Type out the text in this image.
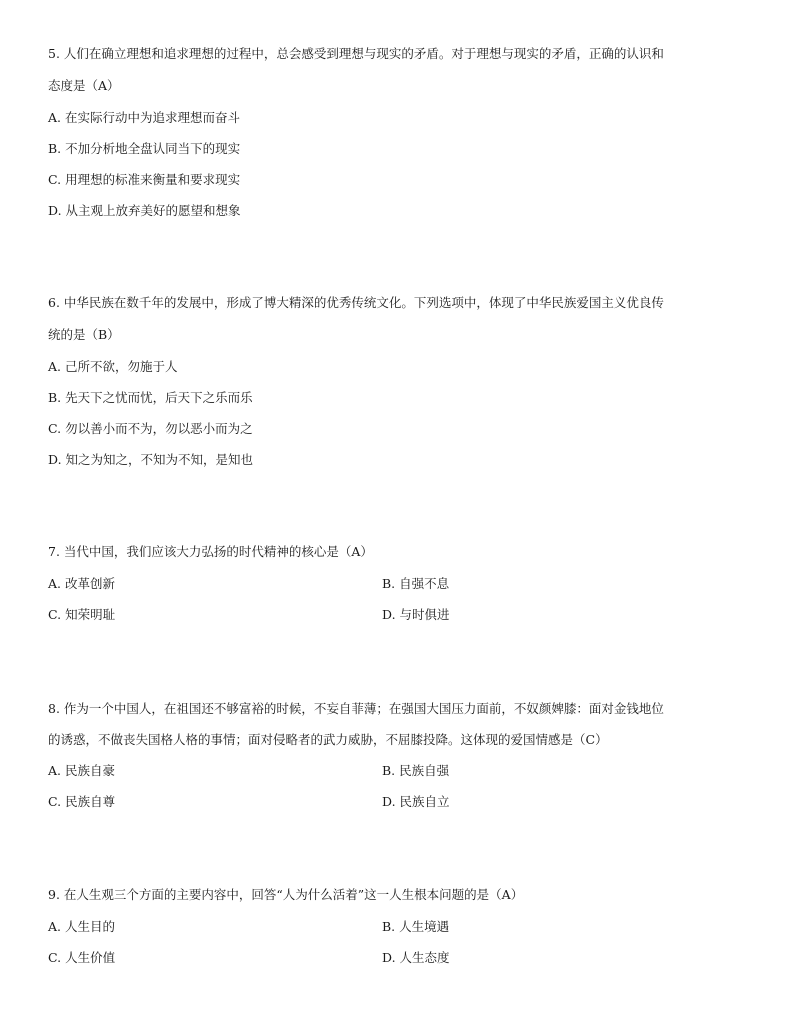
5. 人们在确立理想和追求理想的过程中，总会感受到理想与现实的矛盾。对于理想与现实的矛盾，正确的认识和
态度是（A）
A. 在实际行动中为追求理想而奋斗
B. 不加分析地全盘认同当下的现实
C. 用理想的标准来衡量和要求现实
D. 从主观上放弃美好的愿望和想象
6. 中华民族在数千年的发展中，形成了博大精深的优秀传统文化。下列选项中，体现了中华民族爱国主义优良传
统的是（B）
A. 己所不欲，勿施于人
B. 先天下之忧而忧，后天下之乐而乐
C. 勿以善小而不为，勿以恶小而为之
D. 知之为知之，不知为不知，是知也
7. 当代中国，我们应该大力弘扬的时代精神的核心是（A）
A. 改革创新	B. 自强不息
C. 知荣明耻	D. 与时俱进
8. 作为一个中国人，在祖国还不够富裕的时候，不妄自菲薄；在强国大国压力面前，不奴颜婢膝：面对金钱地位
的诱惑，不做丧失国格人格的事情；面对侵略者的武力威胁，不屈膝投降。这体现的爱国情感是（C）
A. 民族自豪	B. 民族自强
C. 民族自尊	D. 民族自立
9. 在人生观三个方面的主要内容中，回答“人为什么活着”这一人生根本问题的是（A）
A. 人生目的	B. 人生境遇
C. 人生价值	D. 人生态度
